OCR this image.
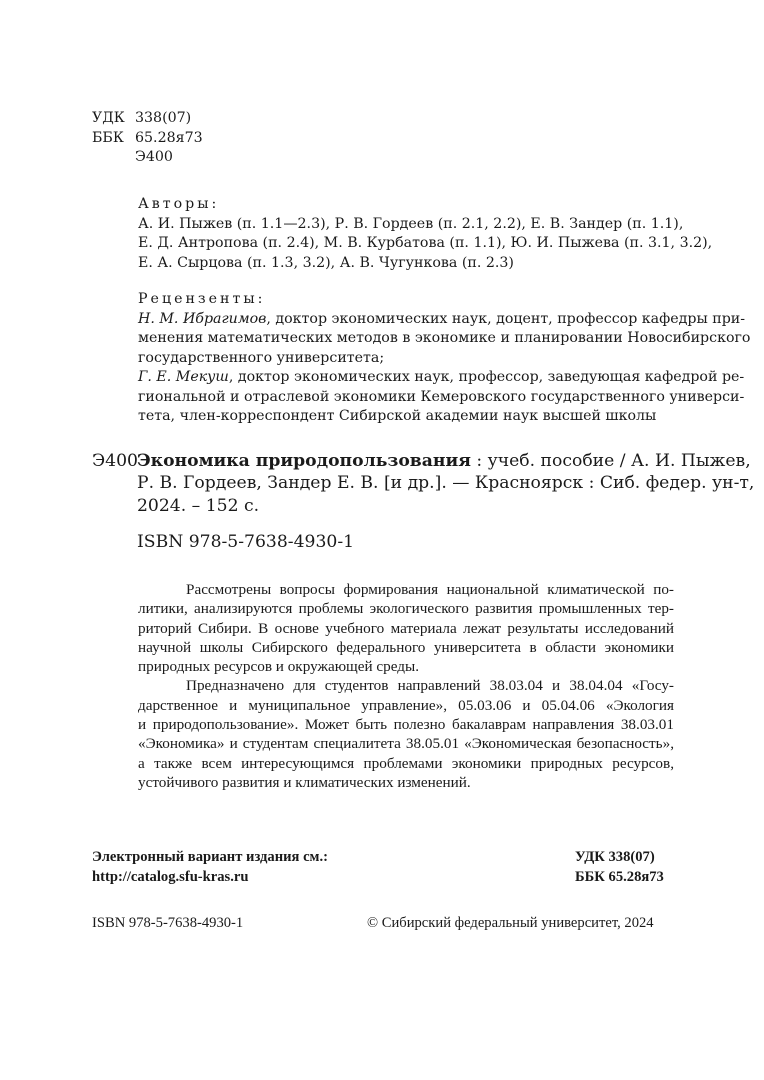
УДК 338(07)
ББК 65.28я73
Э400
Авторы:
А. И. Пыжев (п. 1.1—2.3), Р. В. Гордеев (п. 2.1, 2.2), Е. В. Зандер (п. 1.1),
Е. Д. Антропова (п. 2.4), М. В. Курбатова (п. 1.1), Ю. И. Пыжева (п. 3.1, 3.2),
Е. А. Сырцова (п. 1.3, 3.2), А. В. Чугункова (п. 2.3)
Рецензенты:
Н. М. Ибрагимов, доктор экономических наук, доцент, профессор кафедры при-
менения математических методов в экономике и планировании Новосибирского
государственного университета;
Г. Е. Мекуш, доктор экономических наук, профессор, заведующая кафедрой ре-
гиональной и отраслевой экономики Кемеровского государственного универси-
тета, член-корреспондент Сибирской академии наук высшей школы
Э400 Экономика природопользования : учеб. пособие / А. И. Пыжев,
Р. В. Гордеев, Зандер Е. В. [и др.]. — Красноярск : Сиб. федер. ун-т,
2024. – 152 с.
ISBN 978-5-7638-4930-1
Рассмотрены вопросы формирования национальной климатической по-
литики, анализируются проблемы экологического развития промышленных тер-
риторий Сибири. В основе учебного материала лежат результаты исследований
научной школы Сибирского федерального университета в области экономики
природных ресурсов и окружающей среды.
Предназначено для студентов направлений 38.03.04 и 38.04.04 «Госу-
дарственное и муниципальное управление», 05.03.06 и 05.04.06 «Экология
и природопользование». Может быть полезно бакалаврам направления 38.03.01
«Экономика» и студентам специалитета 38.05.01 «Экономическая безопасность»,
а также всем интересующимся проблемами экономики природных ресурсов,
устойчивого развития и климатических изменений.
Электронный вариант издания см.:
http://catalog.sfu-kras.ru
УДК 338(07)
ББК 65.28я73
ISBN 978-5-7638-4930-1	© Сибирский федеральный университет, 2024
